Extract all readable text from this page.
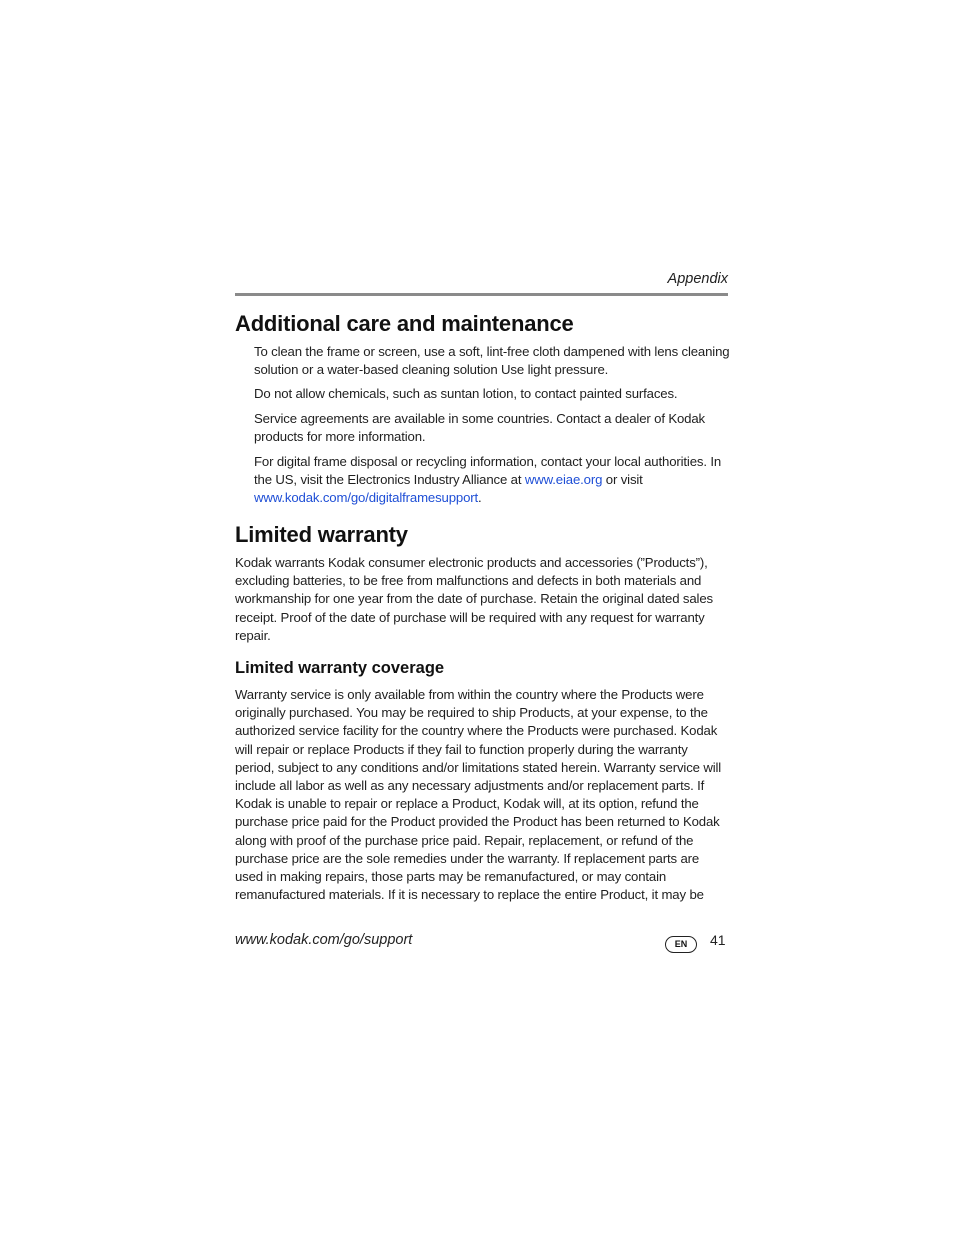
Appendix
Additional care and maintenance

To clean the frame or screen, use a soft, lint-free cloth dampened with lens cleaning solution or a water-based cleaning solution Use light pressure.

Do not allow chemicals, such as suntan lotion, to contact painted surfaces.

Service agreements are available in some countries. Contact a dealer of Kodak products for more information.

For digital frame disposal or recycling information, contact your local authorities. In the US, visit the Electronics Industry Alliance at www.eiae.org or visit www.kodak.com/go/digitalframesupport.

Limited warranty

Kodak warrants Kodak consumer electronic products and accessories (”Products”), excluding batteries, to be free from malfunctions and defects in both materials and workmanship for one year from the date of purchase. Retain the original dated sales receipt. Proof of the date of purchase will be required with any request for warranty repair.

Limited warranty coverage

Warranty service is only available from within the country where the Products were originally purchased. You may be required to ship Products, at your expense, to the authorized service facility for the country where the Products were purchased. Kodak will repair or replace Products if they fail to function properly during the warranty period, subject to any conditions and/or limitations stated herein. Warranty service will include all labor as well as any necessary adjustments and/or replacement parts. If Kodak is unable to repair or replace a Product, Kodak will, at its option, refund the purchase price paid for the Product provided the Product has been returned to Kodak along with proof of the purchase price paid. Repair, replacement, or refund of the purchase price are the sole remedies under the warranty. If replacement parts are used in making repairs, those parts may be remanufactured, or may contain remanufactured materials. If it is necessary to replace the entire Product, it may be

www.kodak.com/go/support	EN	41
